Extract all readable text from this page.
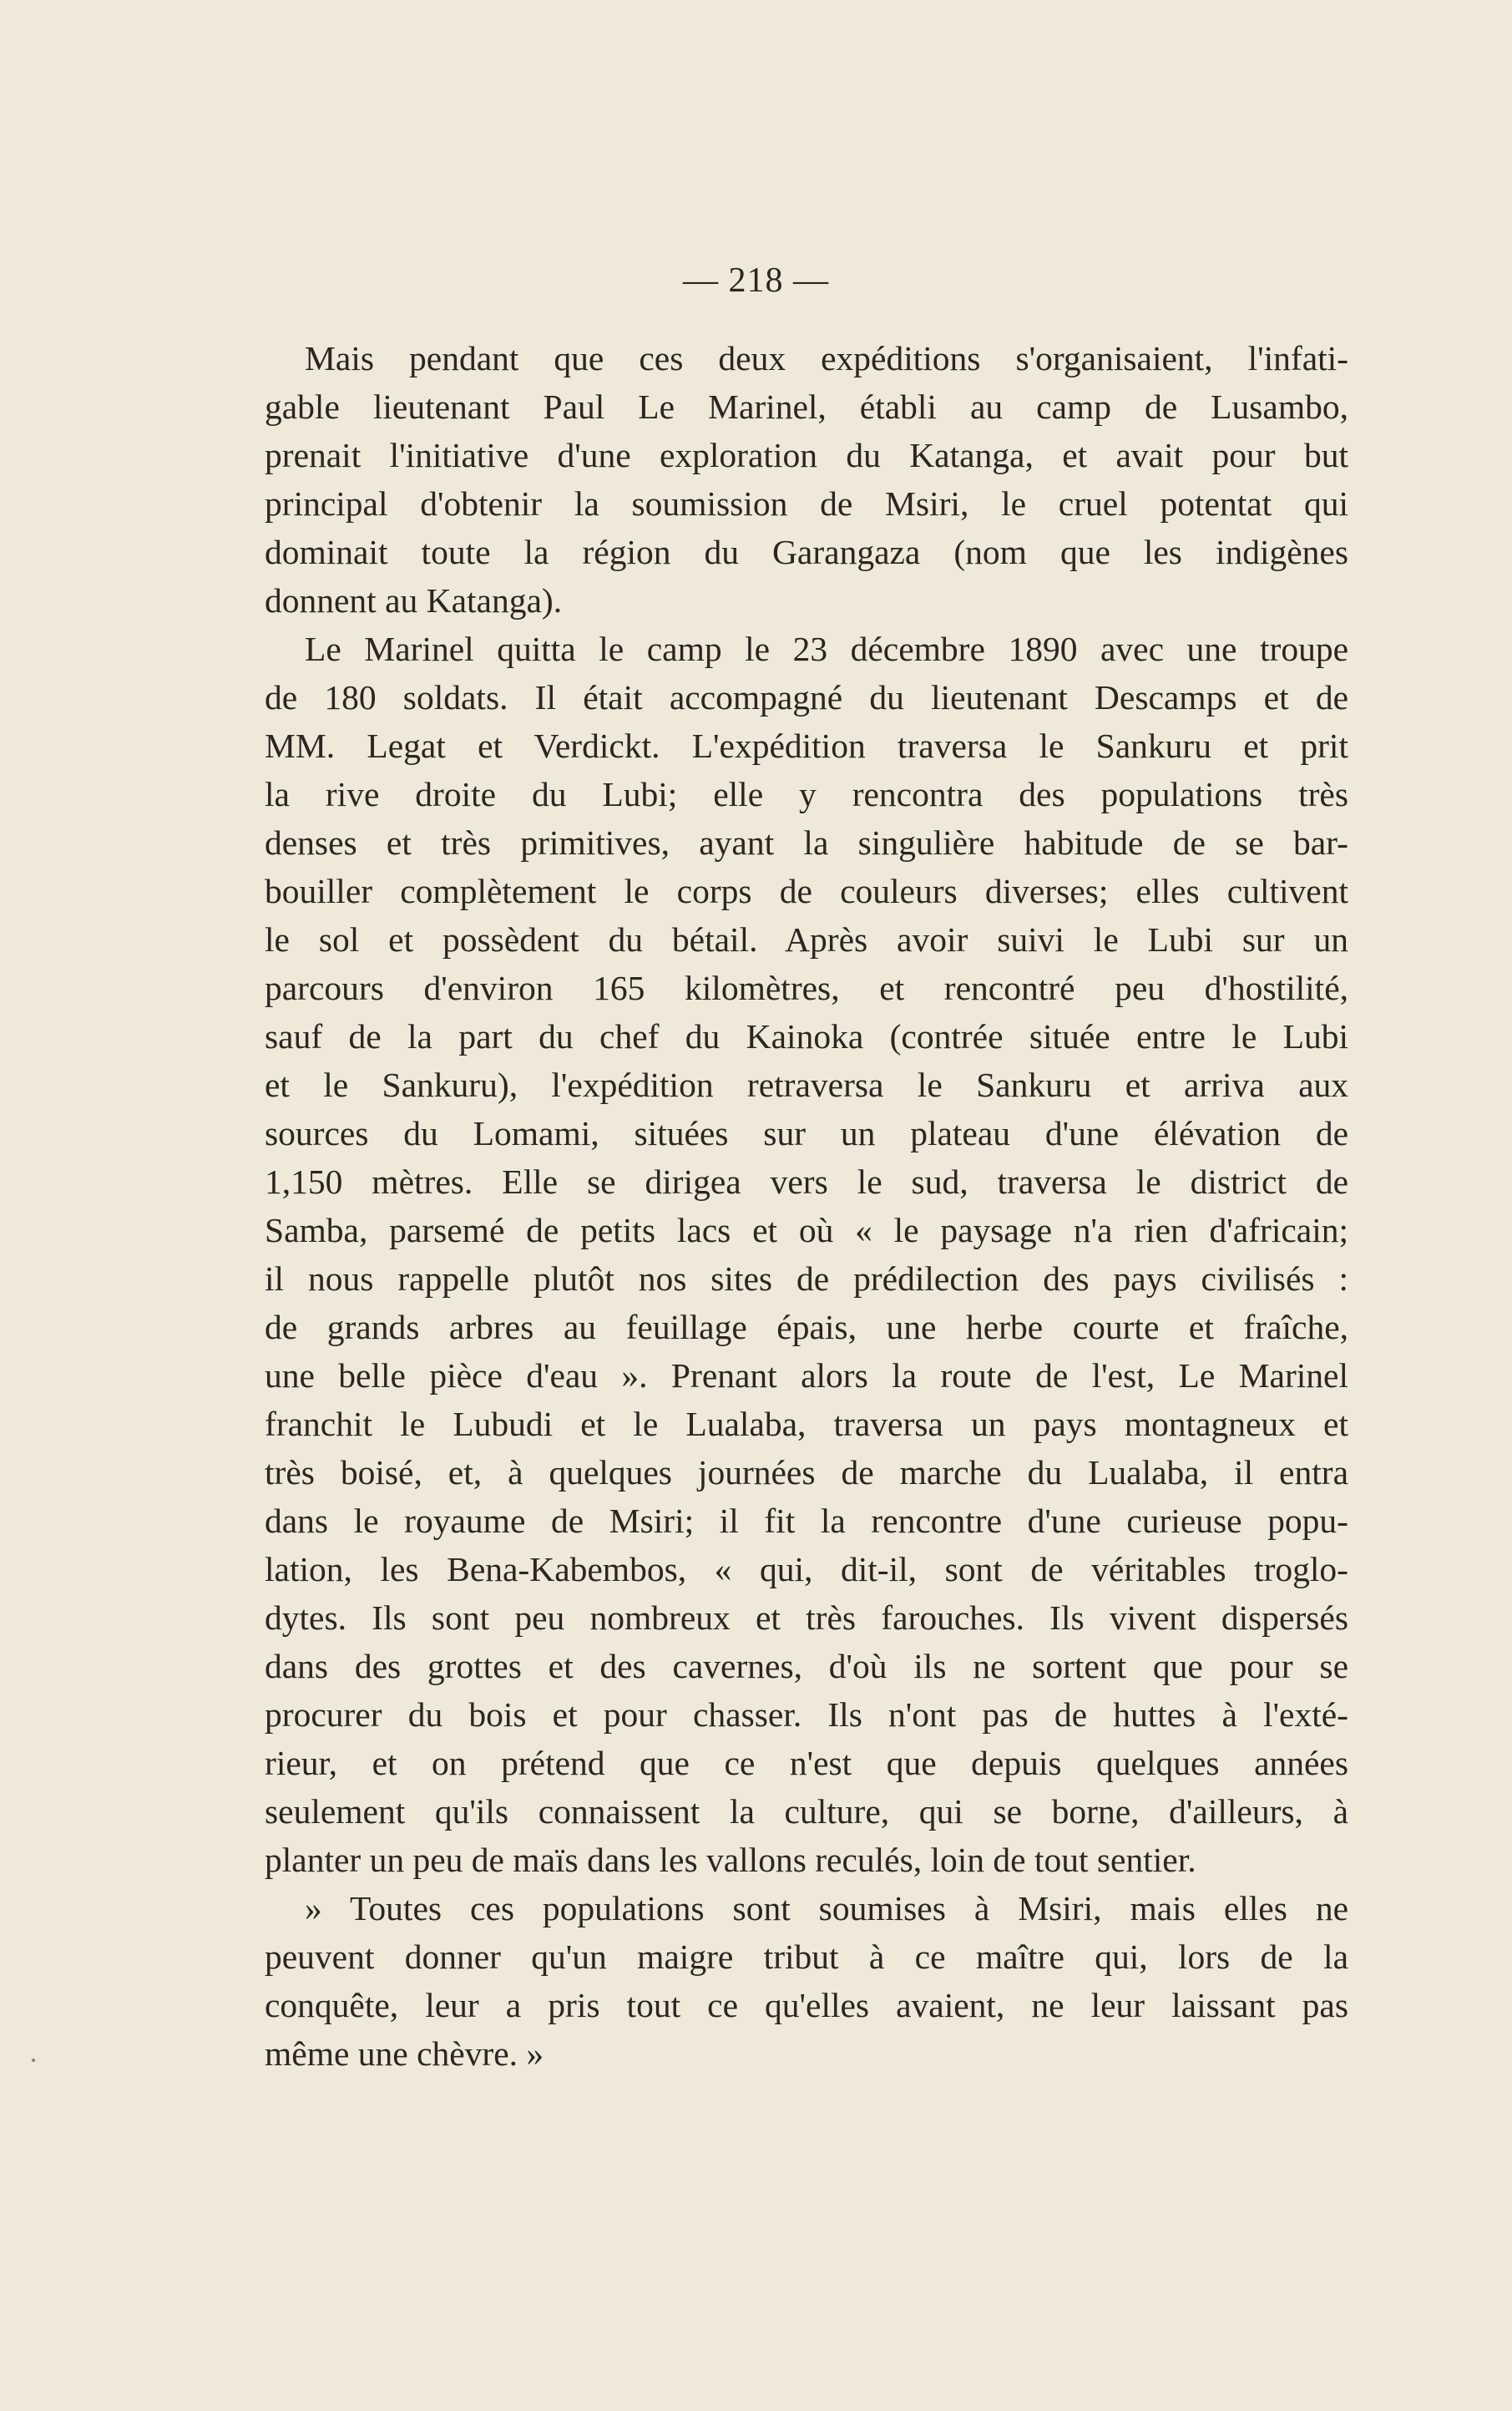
— 218 —
Mais pendant que ces deux expéditions s'organisaient, l'infati-
gable lieutenant Paul Le Marinel, établi au camp de Lusambo,
prenait l'initiative d'une exploration du Katanga, et avait pour but
principal d'obtenir la soumission de Msiri, le cruel potentat qui
dominait toute la région du Garangaza (nom que les indigènes
donnent au Katanga).
Le Marinel quitta le camp le 23 décembre 1890 avec une troupe
de 180 soldats. Il était accompagné du lieutenant Descamps et de
MM. Legat et Verdickt. L'expédition traversa le Sankuru et prit
la rive droite du Lubi; elle y rencontra des populations très
denses et très primitives, ayant la singulière habitude de se bar-
bouiller complètement le corps de couleurs diverses; elles cultivent
le sol et possèdent du bétail. Après avoir suivi le Lubi sur un
parcours d'environ 165 kilomètres, et rencontré peu d'hostilité,
sauf de la part du chef du Kainoka (contrée située entre le Lubi
et le Sankuru), l'expédition retraversa le Sankuru et arriva aux
sources du Lomami, situées sur un plateau d'une élévation de
1,150 mètres. Elle se dirigea vers le sud, traversa le district de
Samba, parsemé de petits lacs et où « le paysage n'a rien d'africain;
il nous rappelle plutôt nos sites de prédilection des pays civilisés :
de grands arbres au feuillage épais, une herbe courte et fraîche,
une belle pièce d'eau ». Prenant alors la route de l'est, Le Marinel
franchit le Lubudi et le Lualaba, traversa un pays montagneux et
très boisé, et, à quelques journées de marche du Lualaba, il entra
dans le royaume de Msiri; il fit la rencontre d'une curieuse popu-
lation, les Bena-Kabembos, « qui, dit-il, sont de véritables troglo-
dytes. Ils sont peu nombreux et très farouches. Ils vivent dispersés
dans des grottes et des cavernes, d'où ils ne sortent que pour se
procurer du bois et pour chasser. Ils n'ont pas de huttes à l'exté-
rieur, et on prétend que ce n'est que depuis quelques années
seulement qu'ils connaissent la culture, qui se borne, d'ailleurs, à
planter un peu de maïs dans les vallons reculés, loin de tout sentier.
» Toutes ces populations sont soumises à Msiri, mais elles ne
peuvent donner qu'un maigre tribut à ce maître qui, lors de la
conquête, leur a pris tout ce qu'elles avaient, ne leur laissant pas
même une chèvre. »
